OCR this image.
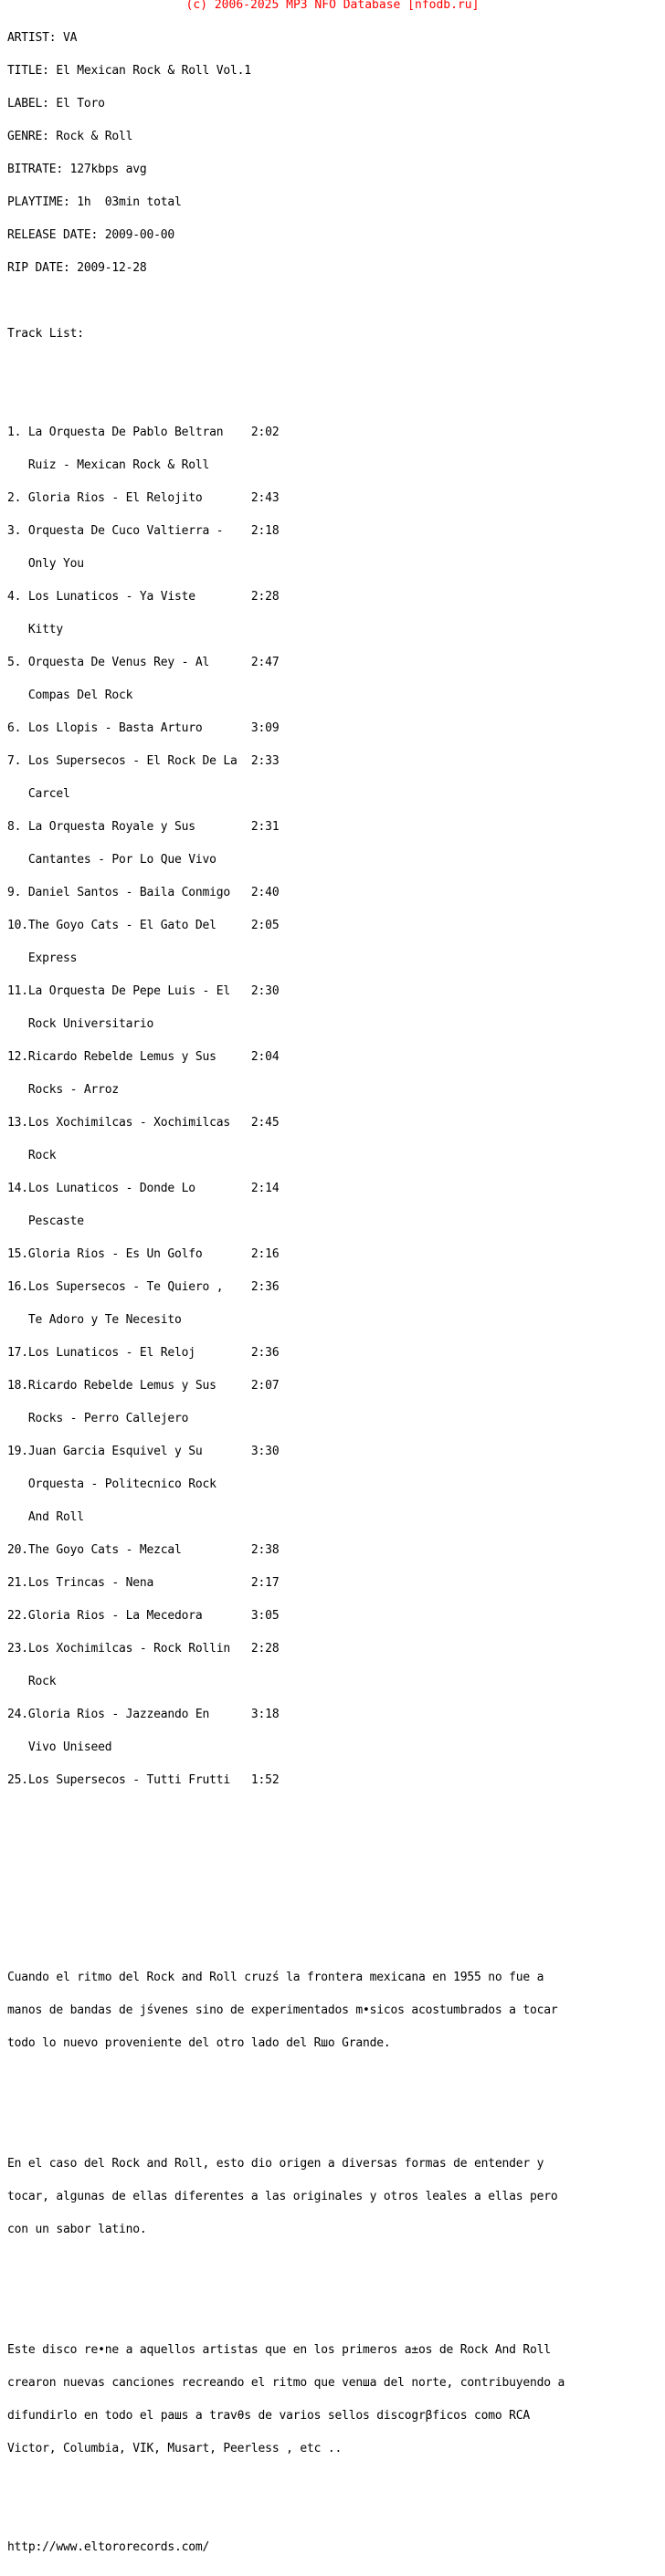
(c) 2006-2025 MP3 NFO Database [nfodb.ru]

ARTIST: VA

TITLE: El Mexican Rock & Roll Vol.1

LABEL: El Toro

GENRE: Rock & Roll

BITRATE: 127kbps avg

PLAYTIME: 1h  03min total

RELEASE DATE: 2009-00-00

RIP DATE: 2009-12-28

Track List:

1. La Orquesta De Pablo Beltran    2:02

Ruiz - Mexican Rock & Roll

2. Gloria Rios - El Relojito       2:43

3. Orquesta De Cuco Valtierra -    2:18

Only You

4. Los Lunaticos - Ya Viste        2:28

Kitty

5. Orquesta De Venus Rey - Al      2:47

Compas Del Rock

6. Los Llopis - Basta Arturo       3:09

7. Los Supersecos - El Rock De La  2:33

Carcel

8. La Orquesta Royale y Sus        2:31

Cantantes - Por Lo Que Vivo

9. Daniel Santos - Baila Conmigo   2:40

10.The Goyo Cats - El Gato Del     2:05

Express

11.La Orquesta De Pepe Luis - El   2:30

Rock Universitario

12.Ricardo Rebelde Lemus y Sus     2:04

Rocks - Arroz

13.Los Xochimilcas - Xochimilcas   2:45

Rock

14.Los Lunaticos - Donde Lo        2:14

Pescaste

15.Gloria Rios - Es Un Golfo       2:16

16.Los Supersecos - Te Quiero ,    2:36

Te Adoro y Te Necesito

17.Los Lunaticos - El Reloj        2:36

18.Ricardo Rebelde Lemus y Sus     2:07

Rocks - Perro Callejero

19.Juan Garcia Esquivel y Su       3:30

Orquesta - Politecnico Rock

And Roll

20.The Goyo Cats - Mezcal          2:38

21.Los Trincas - Nena              2:17

22.Gloria Rios - La Mecedora       3:05

23.Los Xochimilcas - Rock Rollin   2:28

Rock

24.Gloria Rios - Jazzeando En      3:18

Vivo Uniseed

25.Los Supersecos - Tutti Frutti   1:52

Cuando el ritmo del Rock and Roll cruzś la frontera mexicana en 1955 no fue a

manos de bandas de jśvenes sino de experimentados m•sicos acostumbrados a tocar

todo lo nuevo proveniente del otro lado del Rшo Grande.

En el caso del Rock and Roll, esto dio origen a diversas formas de entender y

tocar, algunas de ellas diferentes a las originales y otros leales a ellas pero

con un sabor latino.

Este disco re•ne a aquellos artistas que en los primeros a±os de Rock And Roll

crearon nuevas canciones recreando el ritmo que venшa del norte, contribuyendo a

difundirlo en todo el paшs a travθs de varios sellos discogrβficos como RCA

Victor, Columbia, VIK, Musart, Peerless , etc ..

http://www.eltororecords.com/
